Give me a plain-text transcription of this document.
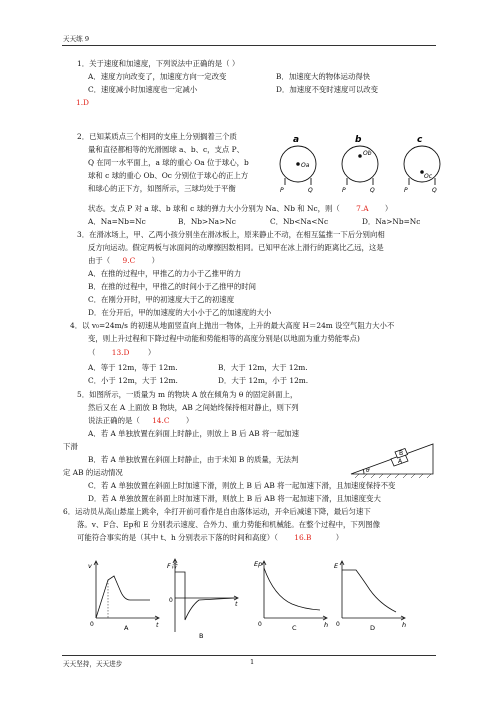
天天练 9
1．关于速度和加速度，下列说法中正确的是（ ）
A．速度方向改变了，加速度方向一定改变	B．加速度大的物体运动得快
C．速度减小时加速度也一定减小	D．加速度不变时速度可以改变
1.D
2．已知某质点三个相同的支座上分别搁着三个质
量和直径都相等的光滑圆球 a、b、c，支点 P、
Q 在同一水平面上，a 球的重心 Oa 位于球心，b
球和 c 球的重心 Ob、Oc 分别位于球心的正上方
和球心的正下方，如图所示，三球均处于平衡
状态。支点 P 对 a 球、b 球和 c 球的弹力大小分别为 Na、Nb 和 Nc，则（ 7.A ）
A．Na=Nb=Nc	B．Nb>Na>Nc	C．Nb<Na<Nc	D．Na>Nb=Nc
a	b	c
Oa
Ob
Oc
P	Q	P	Q	P	Q
3．在滑冰场上，甲、乙两小孩分别坐在滑冰板上，原来静止不动，在相互猛推一下后分别向相
反方向运动。假定两板与冰面间的动摩擦因数相同。已知甲在冰上滑行的距离比乙远，这是
由于（ 9.C ）
A．在推的过程中，甲推乙的力小于乙推甲的力
B．在推的过程中，甲推乙的时间小于乙推甲的时间
C．在刚分开时，甲的初速度大于乙的初速度
D．在分开后，甲的加速度的大小小于乙的加速度的大小
4．以 v₀=24m/s 的初速从地面竖直向上抛出一物体，上升的最大高度 H＝24m 设空气阻力大小不
变，则上升过程和下降过程中动能和势能相等的高度分别是(以地面为重力势能零点)
（ 13.D ）
A．等于 12m，等于 12m.	B．大于 12m，大于 12m.
C．小于 12m，大于 12m.	D．大于 12m，小于 12m.
5．如图所示，一质量为 m 的物块 A 放在倾角为 θ 的固定斜面上，
然后又在 A 上面放 B 物块，AB 之间始终保持相对静止，则下列
说法正确的是（ 14.C ）
A．若 A 单独放置在斜面上时静止，则放上 B 后 AB 将一起加速
下滑
B．若 A 单独放置在斜面上时静止，由于未知 B 的质量，无法判
定 AB 的运动情况
C．若 A 单独放置在斜面上时加速下滑，则放上 B 后 AB 将一起加速下滑，且加速度保持不变
D．若 A 单独放置在斜面上时加速下滑，则放上 B 后 AB 将一起加速下滑，且加速度变大
A
B
θ
6．运动员从高山悬崖上跳伞，伞打开前可看作是自由落体运动，开伞后减速下降，最后匀速下
落。v、F合、Ep和 E 分别表示速度、合外力、重力势能和机械能。在整个过程中，下列图像
可能符合事实的是（其中 t、h 分别表示下落的时间和高度）（ 16.B	）
v
t
0	A
F合
t
0
B
Ep
h
0	C
E
h
0	D
天天坚持，天天进步	1
